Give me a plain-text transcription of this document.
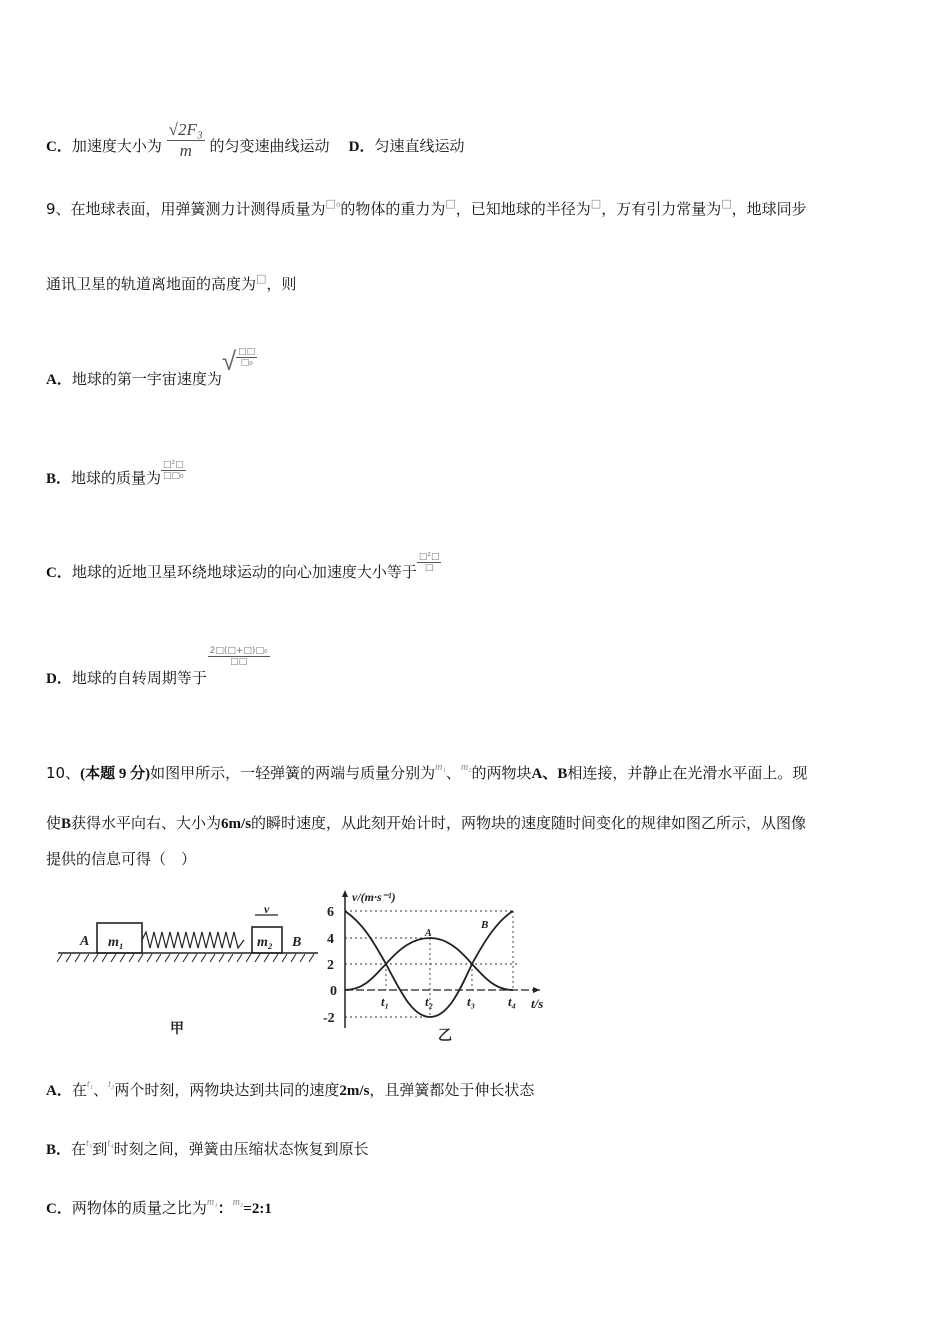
C．加速度大小为 $\frac{\text{√2F₃}}{m}$ 的匀变速曲线运动 D．匀速直线运动
9、在地球表面，用弹簧测力计测得质量为$^{□_0}$的物体的重力为□，已知地球的半径为□，万有引力常量为□，地球同步
通讯卫星的轨道离地面的高度为□，则
A．地球的第一宇宙速度为√ $\frac{□□}{\text{□₀}}$
B．地球的质量为 $\frac{\text{□²□}}{\text{□□₀}}$
C．地球的近地卫星环绕地球运动的向心加速度大小等于 $\frac{\text{□²□}}{□}$
D．地球的自转周期等于
$\frac{\text{2□(□+□)□₀}}{□□}$
10、(本题 9 分)如图甲所示，一轻弹簧的两端与质量分别为$^{m_1}$、$^{m_2}$的两物块A、B相连接，并静止在光滑水平面上。现
使B获得水平向右、大小为6m/s的瞬时速度，从此刻开始计时，两物块的速度随时间变化的规律如图乙所示，从图像
提供的信息可得（　）
A m₁	m₂ B
v
甲
v/(m·s⁻¹)
6
4
2
0
-2
t₁	t₂	t₃	t₄ t/s
A
B
乙
A．在$^{t_1}$、$^{t_3}$两个时刻，两物块达到共同的速度2m/s，且弹簧都处于伸长状态
B．在$^{t_3}$到$^{t_4}$时刻之间，弹簧由压缩状态恢复到原长
C．两物体的质量之比为$^{m_1}$：$^{m_2}$=2:1
